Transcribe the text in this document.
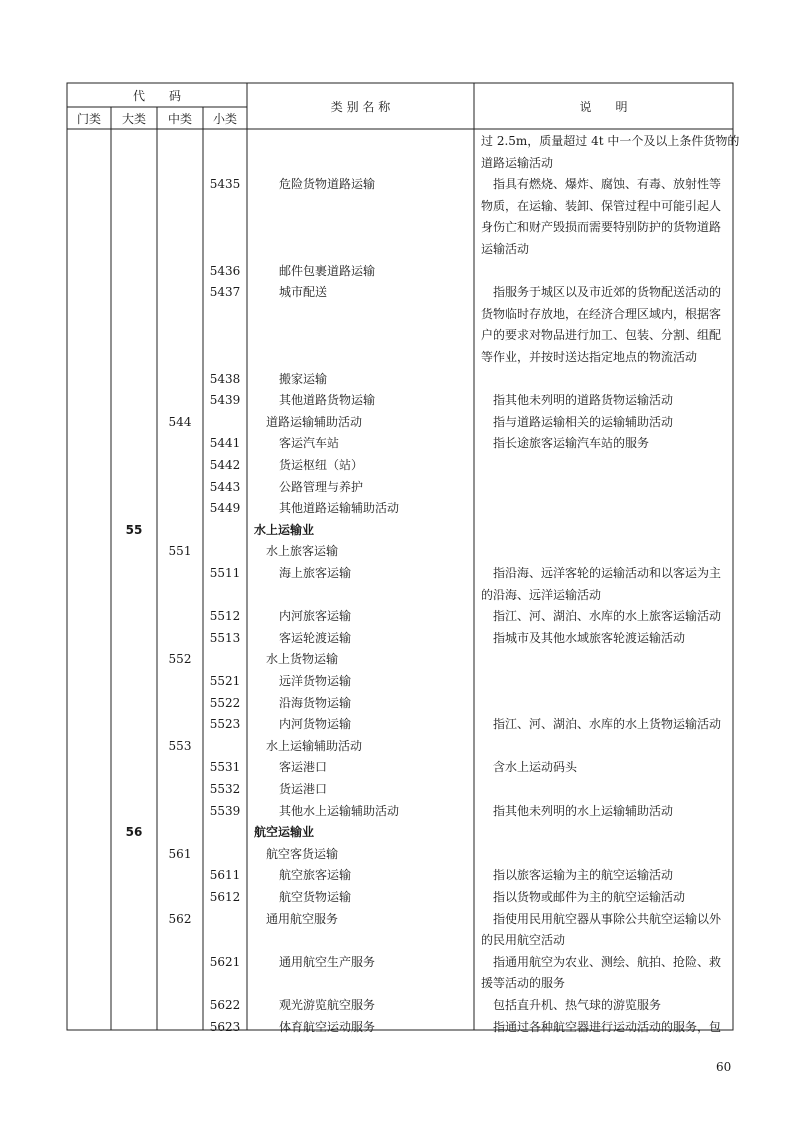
代　　码
门类	大类	中类	小类
类 别 名 称	说　　明
过 2.5m，质量超过 4t 中一个及以上条件货物的
道路运输活动
5435	危险货物道路运输	　指具有燃烧、爆炸、腐蚀、有毒、放射性等
物质，在运输、装卸、保管过程中可能引起人
身伤亡和财产毁损而需要特别防护的货物道路
运输活动
5436	邮件包裹道路运输
5437	城市配送	　指服务于城区以及市近郊的货物配送活动的
货物临时存放地，在经济合理区域内，根据客
户的要求对物品进行加工、包装、分割、组配
等作业，并按时送达指定地点的物流活动
5438	搬家运输
5439	其他道路货物运输	　指其他未列明的道路货物运输活动
544	道路运输辅助活动	　指与道路运输相关的运输辅助活动
5441	客运汽车站	　指长途旅客运输汽车站的服务
5442	货运枢纽（站）
5443	公路管理与养护
5449	其他道路运输辅助活动
55	水上运输业
551	水上旅客运输
5511	海上旅客运输	　指沿海、远洋客轮的运输活动和以客运为主
的沿海、远洋运输活动
5512	内河旅客运输	　指江、河、湖泊、水库的水上旅客运输活动
5513	客运轮渡运输	　指城市及其他水域旅客轮渡运输活动
552	水上货物运输
5521	远洋货物运输
5522	沿海货物运输
5523	内河货物运输	　指江、河、湖泊、水库的水上货物运输活动
553	水上运输辅助活动
5531	客运港口	　含水上运动码头
5532	货运港口
5539	其他水上运输辅助活动	　指其他未列明的水上运输辅助活动
56	航空运输业
561	航空客货运输
5611	航空旅客运输	　指以旅客运输为主的航空运输活动
5612	航空货物运输	　指以货物或邮件为主的航空运输活动
562	通用航空服务	　指使用民用航空器从事除公共航空运输以外
的民用航空活动
5621	通用航空生产服务	　指通用航空为农业、测绘、航拍、抢险、救
援等活动的服务
5622	观光游览航空服务	　包括直升机、热气球的游览服务
5623	体育航空运动服务	　指通过各种航空器进行运动活动的服务，包
60
